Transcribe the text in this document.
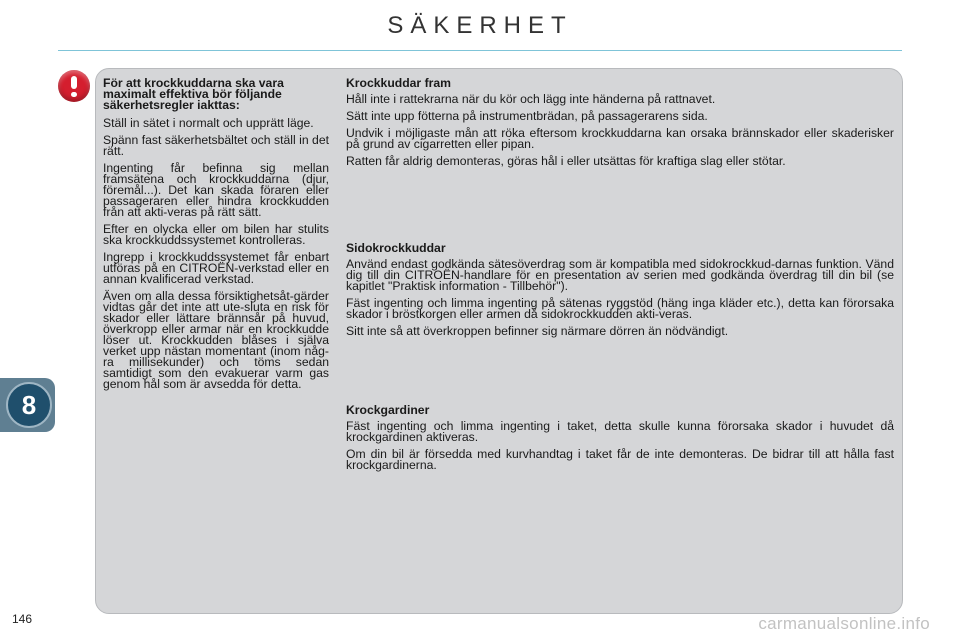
SÄKERHET

För att krockkuddarna ska vara maximalt effektiva bör följande säkerhetsregler iakttas:

Ställ in sätet i normalt och upprätt läge.

Spänn fast säkerhetsbältet och ställ in det rätt.

Ingenting får befinna sig mellan framsätena och krockkuddarna (djur, föremål...). Det kan skada föraren eller passageraren eller hindra krockkudden från att akti-veras på rätt sätt.

Efter en olycka eller om bilen har stulits ska krockkuddssystemet kontrolleras.

Ingrepp i krockkuddssystemet får enbart utföras på en CITROËN-verkstad eller en annan kvalificerad verkstad.

Även om alla dessa försiktighetsåt-gärder vidtas går det inte att ute-sluta en risk för skador eller lättare brännsår på huvud, överkropp eller armar när en krockkudde löser ut. Krockkudden blåses i själva verket upp nästan momentant (inom någ-ra millisekunder) och töms sedan samtidigt som den evakuerar varm gas genom hål som är avsedda för detta.

Krockkuddar fram

Håll inte i rattekrarna när du kör och lägg inte händerna på rattnavet.

Sätt inte upp fötterna på instrumentbrädan, på passagerarens sida.

Undvik i möjligaste mån att röka eftersom krockkuddarna kan orsaka brännskador eller skaderisker på grund av cigarretten eller pipan.

Ratten får aldrig demonteras, göras hål i eller utsättas för kraftiga slag eller stötar.

Sidokrockkuddar

Använd endast godkända sätesöverdrag som är kompatibla med sidokrockkud-darnas funktion. Vänd dig till din CITROËN-handlare för en presentation av serien med godkända överdrag till din bil (se kapitlet "Praktisk information - Tillbehör").

Fäst ingenting och limma ingenting på sätenas ryggstöd (häng inga kläder etc.), detta kan förorsaka skador i bröstkorgen eller armen då sidokrockkudden akti-veras.

Sitt inte så att överkroppen befinner sig närmare dörren än nödvändigt.

Krockgardiner

Fäst ingenting och limma ingenting i taket, detta skulle kunna förorsaka skador i huvudet då krockgardinen aktiveras.

Om din bil är försedda med kurvhandtag i taket får de inte demonteras. De bidrar till att hålla fast krockgardinerna.

8
146	carmanualsonline.info
